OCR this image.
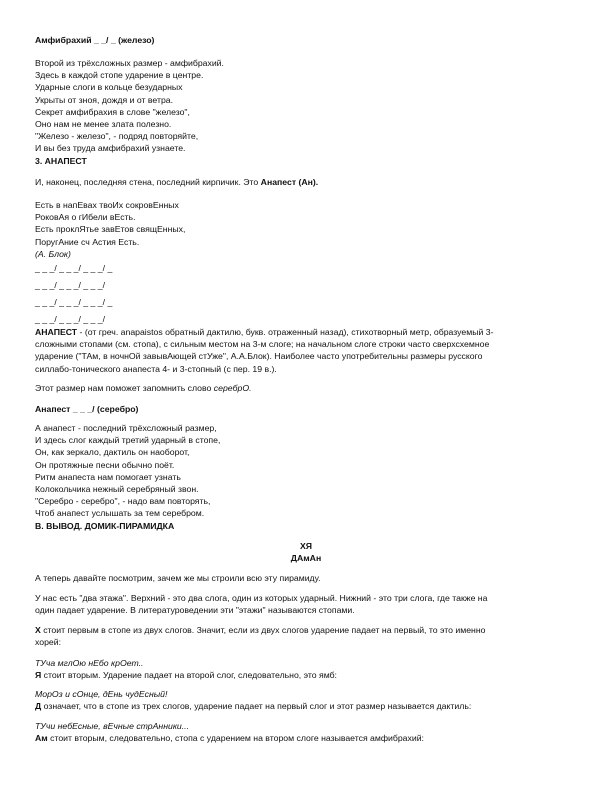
Амфибрахий _ _/ _ (железо)
Второй из трёхсложных размер - амфибрахий.
Здесь в каждой стопе ударение в центре.
Ударные слоги в кольце безударных
Укрыты от зноя, дождя и от ветра.
Секрет амфибрахия в слове "железо",
Оно нам не менее злата полезно.
"Железо - железо", - подряд повторяйте,
И вы без труда амфибрахий узнаете.
3. АНАПЕСТ
И, наконец, последняя стена, последний кирпичик. Это Анапест (Ан).
Есть в напЕвах твоИх сокровЕнных
РоковАя о гИбели вЕсть.
Есть проклЯтье завЕтов свящЕнных,
ПоругАние сч Астия Есть.
(А. Блок)
_ _ _/ _ _ _/ _ _ _/ _
_ _ _/ _ _ _/ _ _ _/
_ _ _/ _ _ _/ _ _ _/ _
_ _ _/ _ _ _/ _ _ _/
АНАПЕСТ - (от греч. anapaistos обратный дактилю, букв. отраженный назад), стихотворный метр, образуемый 3-
сложными стопами (см. стопа), с сильным местом на 3-м слоге; на начальном слоге строки часто сверхсхемное
ударение ("ТАм, в ночнОй завывАющей стУже", А.А.Блок). Наиболее часто употребительны размеры русского
силлабо-тонического анапеста 4- и 3-стопный (с пер. 19 в.).
Этот размер нам поможет запомнить слово серебрО.
Анапест _ _ _/ (серебро)
А анапест - последний трёхсложный размер,
И здесь слог каждый третий ударный в стопе,
Он, как зеркало, дактиль он наоборот,
Он протяжные песни обычно поёт.
Ритм анапеста нам помогает узнать
Колокольчика нежный серебряный звон.
"Серебро - серебро", - надо вам повторять,
Чтоб анапест услышать за тем серебром.
В. ВЫВОД. ДОМИК-ПИРАМИДКА
ХЯ
ДАмАн
А теперь давайте посмотрим, зачем же мы строили всю эту пирамиду.
У нас есть "два этажа". Верхний - это два слога, один из которых ударный. Нижний - это три слога, где также на
один падает ударение. В литературоведении эти "этажи" называются стопами.
Х стоит первым в стопе из двух слогов. Значит, если из двух слогов ударение падает на первый, то это именно
хорей:
ТУча мглОю нЕбо крОет..
Я стоит вторым. Ударение падает на второй слог, следовательно, это ямб:
МорОз и сОнце, дЕнь чудЕсный!
Д означает, что в стопе из трех слогов, ударение падает на первый слог и этот размер называется дактиль:
ТУчи небЕсные, вЕчные стрАнники...
Ам стоит вторым, следовательно, стопа с ударением на втором слоге называется амфибрахий:
